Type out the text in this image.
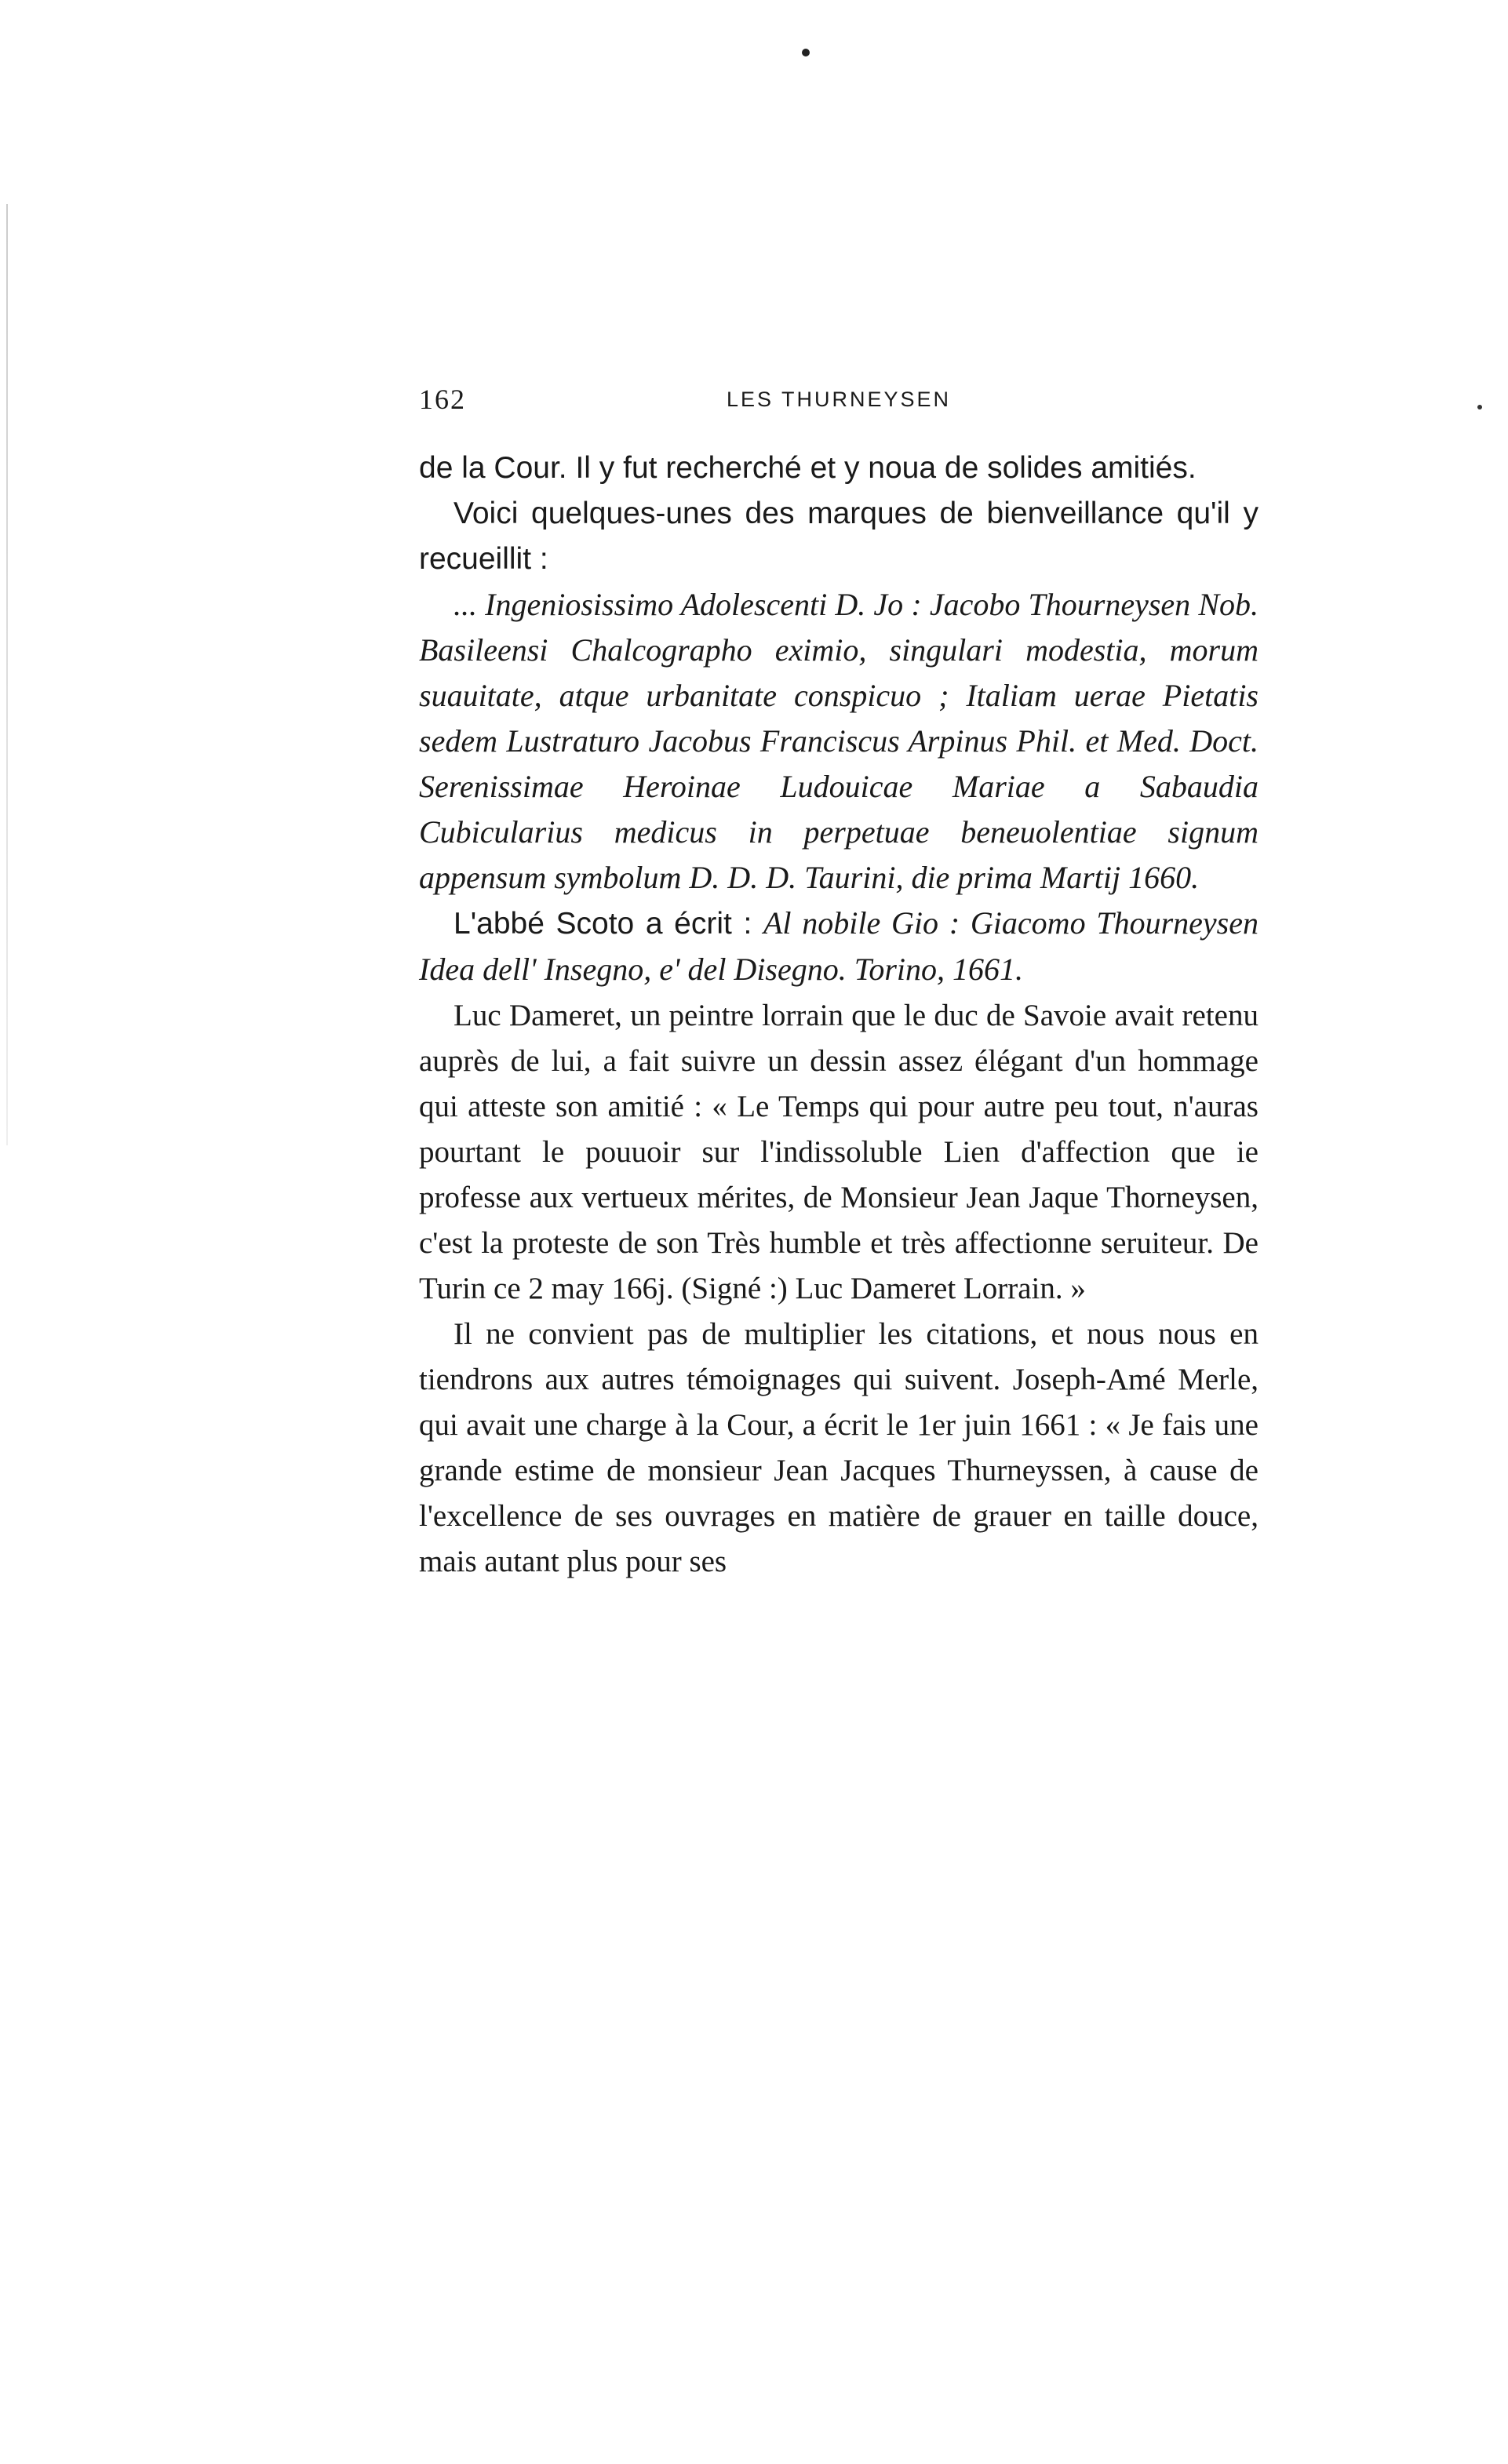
162	LES THURNEYSEN

de la Cour. Il y fut recherché et y noua de solides amitiés.

Voici quelques-unes des marques de bienveillance qu'il y recueillit :

... Ingeniosissimo Adolescenti D. Jo : Jacobo Thourneysen Nob. Basileensi Chalcographo eximio, singulari modestia, morum suauitate, atque urbanitate conspicuo ; Italiam uerae Pietatis sedem Lustraturo Jacobus Franciscus Arpinus Phil. et Med. Doct. Serenissimae Heroinae Ludouicae Mariae a Sabaudia Cubicularius medicus in perpetuae beneuolentiae signum appensum symbolum D. D. D. Taurini, die prima Martij 1660.

L'abbé Scoto a écrit : Al nobile Gio : Giacomo Thourneysen Idea dell' Insegno, e' del Disegno. Torino, 1661.

Luc Dameret, un peintre lorrain que le duc de Savoie avait retenu auprès de lui, a fait suivre un dessin assez élégant d'un hommage qui atteste son amitié : « Le Temps qui pour autre peu tout, n'auras pourtant le pouuoir sur l'indissoluble Lien d'affection que ie professe aux vertueux mérites, de Monsieur Jean Jaque Thorneysen, c'est la proteste de son Très humble et très affectionne seruiteur. De Turin ce 2 may 166j. (Signé :) Luc Dameret Lorrain. »

Il ne convient pas de multiplier les citations, et nous nous en tiendrons aux autres témoignages qui suivent. Joseph-Amé Merle, qui avait une charge à la Cour, a écrit le 1er juin 1661 : « Je fais une grande estime de monsieur Jean Jacques Thurneyssen, à cause de l'excellence de ses ouvrages en matière de grauer en taille douce, mais autant plus pour ses
